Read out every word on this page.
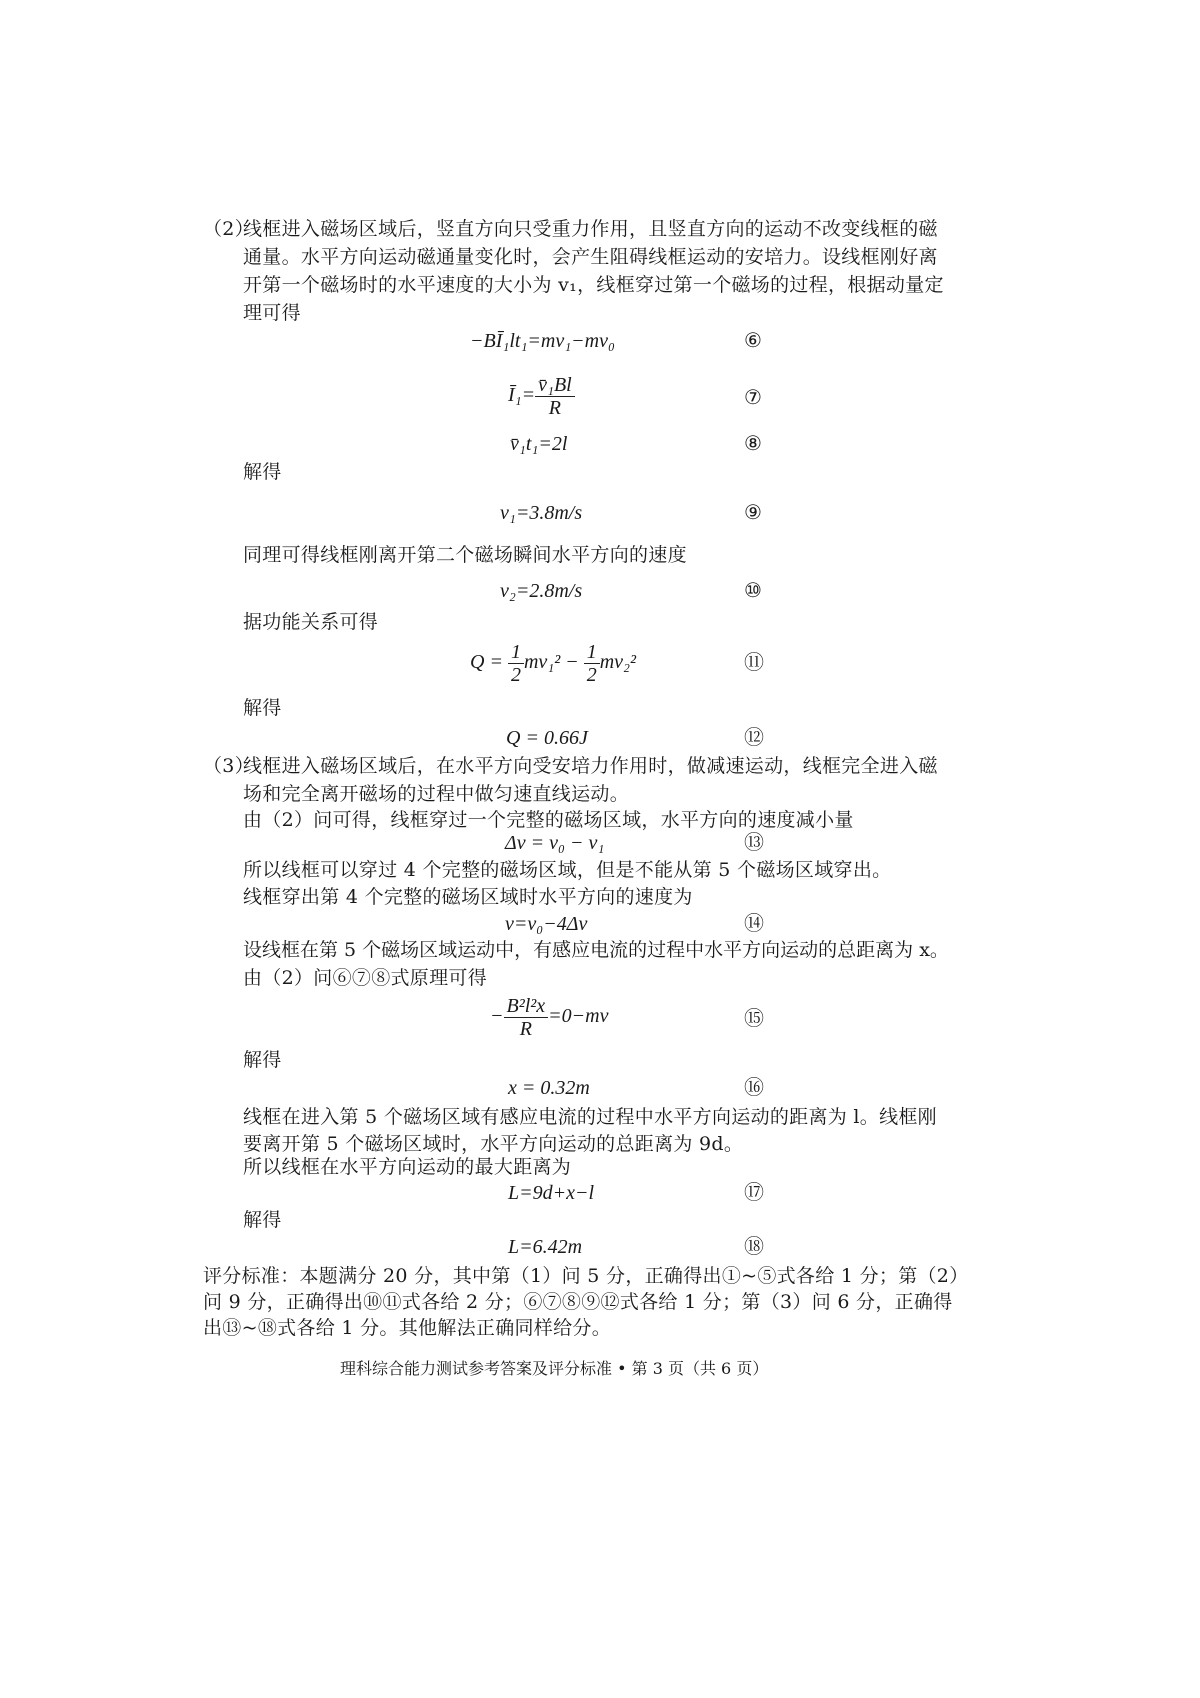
（2）
线框进入磁场区域后，竖直方向只受重力作用，且竖直方向的运动不改变线框的磁
通量。水平方向运动磁通量变化时，会产生阻碍线框运动的安培力。设线框刚好离
开第一个磁场时的水平速度的大小为 v₁，线框穿过第一个磁场的过程，根据动量定
理可得
−BĪ₁lt₁=mv₁−mv₀	⑥
Ī₁= $\frac{\text{v̄₁Bl}}{R}$	⑦
v̄₁t₁=2l	⑧
解得
v₁=3.8m/s	⑨
同理可得线框刚离开第二个磁场瞬间水平方向的速度
v₂=2.8m/s	⑩
据功能关系可得
$Q = \frac{1}{2} mv_1^2 - \frac{1}{2} mv_2^2$	⑪
解得
Q = 0.66J	⑫
（3）
线框进入磁场区域后，在水平方向受安培力作用时，做减速运动，线框完全进入磁
场和完全离开磁场的过程中做匀速直线运动。
由（2）问可得，线框穿过一个完整的磁场区域，水平方向的速度减小量
Δv = v₀ − v₁	⑬
所以线框可以穿过 4 个完整的磁场区域，但是不能从第 5 个磁场区域穿出。
线框穿出第 4 个完整的磁场区域时水平方向的速度为
v=v₀−4Δv	⑭
设线框在第 5 个磁场区域运动中，有感应电流的过程中水平方向运动的总距离为 x。
由（2）问⑥⑦⑧式原理可得
− $\frac{\text{B²l²x}}{R} =0-mv$	⑮
解得
x = 0.32m	⑯
线框在进入第 5 个磁场区域有感应电流的过程中水平方向运动的距离为 l。线框刚
要离开第 5 个磁场区域时，水平方向运动的总距离为 9d。
所以线框在水平方向运动的最大距离为
L=9d+x−l	⑰
解得
L=6.42m	⑱
评分标准：本题满分 20 分，其中第（1）问 5 分，正确得出①~⑤式各给 1 分；第（2）
问 9 分，正确得出⑩⑪式各给 2 分；⑥⑦⑧⑨⑫式各给 1 分；第（3）问 6 分，正确得
出⑬~⑱式各给 1 分。其他解法正确同样给分。
理科综合能力测试参考答案及评分标准 • 第 3 页（共 6 页）
